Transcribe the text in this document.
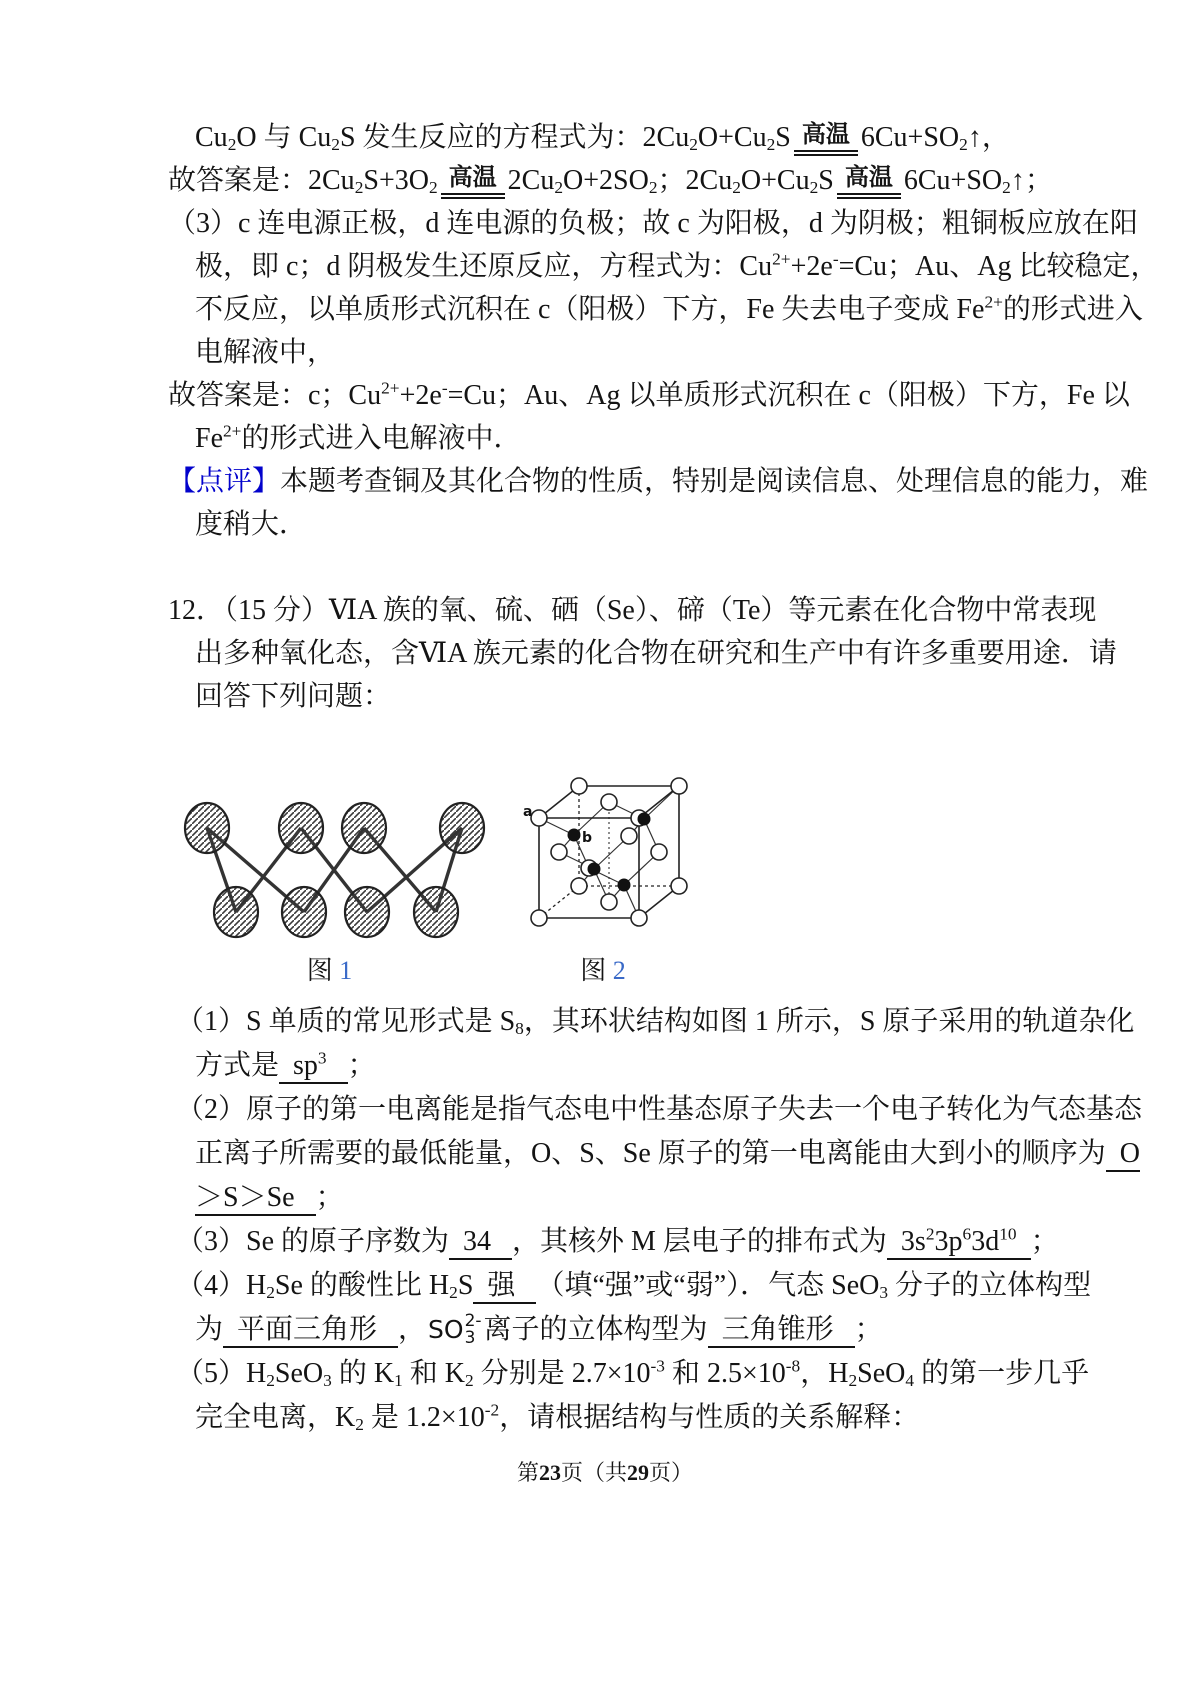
$Cu_2O$ 与 $Cu_2S$ 发生反应的方程式为：$2Cu_2O+Cu_2S$ 高温 $6Cu+SO_2↑$，
故答案是：$2Cu_2S+3O_2$ 高温 $2Cu_2O+2SO_2$；$2Cu_2O+Cu_2S$ 高温 $6Cu+SO_2↑$；
（3）c 连电源正极，d 连电源的负极；故 c 为阳极，d 为阴极；粗铜板应放在阳
极，即 c；d 阴极发生还原反应，方程式为：$Cu^{2+}+2e^-=Cu$；Au、Ag 比较稳定，
不反应，以单质形式沉积在 c（阳极）下方，Fe 失去电子变成 $Fe^{2+}$的形式进入
电解液中，
故答案是：c；$Cu^{2+}+2e^-=Cu$；Au、Ag 以单质形式沉积在 c（阳极）下方，Fe 以
$Fe^{2+}$的形式进入电解液中．
【点评】本题考查铜及其化合物的性质，特别是阅读信息、处理信息的能力，难
度稍大．
12．（15 分）ⅥA 族的氧、硫、硒（Se）、碲（Te）等元素在化合物中常表现
出多种氧化态，含ⅥA 族元素的化合物在研究和生产中有许多重要用途．请
回答下列问题：
图 1
a
b
图 2
（1）S 单质的常见形式是 $S_8$，其环状结构如图 1 所示，S 原子采用的轨道杂化
方式是  $sp^3$ ；
（2）原子的第一电离能是指气态电中性基态原子失去一个电子转化为气态基态
正离子所需要的最低能量，O、S、Se 原子的第一电离能由大到小的顺序为  O
＞S＞Se   ；
（3）Se 的原子序数为  34   ，其核外 M 层电子的排布式为  $3s^23p^63d^{10}$ ；
$(4)H_2Se$ 的酸性比 $H_2S$  强   （填“强”或“弱”）．气态 SeO$_3$ 分子的立体构型
为  平面三角形   ， SO 2-
3 离子的立体构型为  三角锥形   ；
$(5)H_2SeO_3$ 的 $K_1$ 和 $K_2$ 分别是 $2.7\times 10^{-3}$ 和 $2.5\times 10^{-8}$，$H_2SeO_4$ 的第一步几乎
完全电离，$K_2$ 是 $1.2\times 10^{-2}$，请根据结构与性质的关系解释：
第23页（共29页）
